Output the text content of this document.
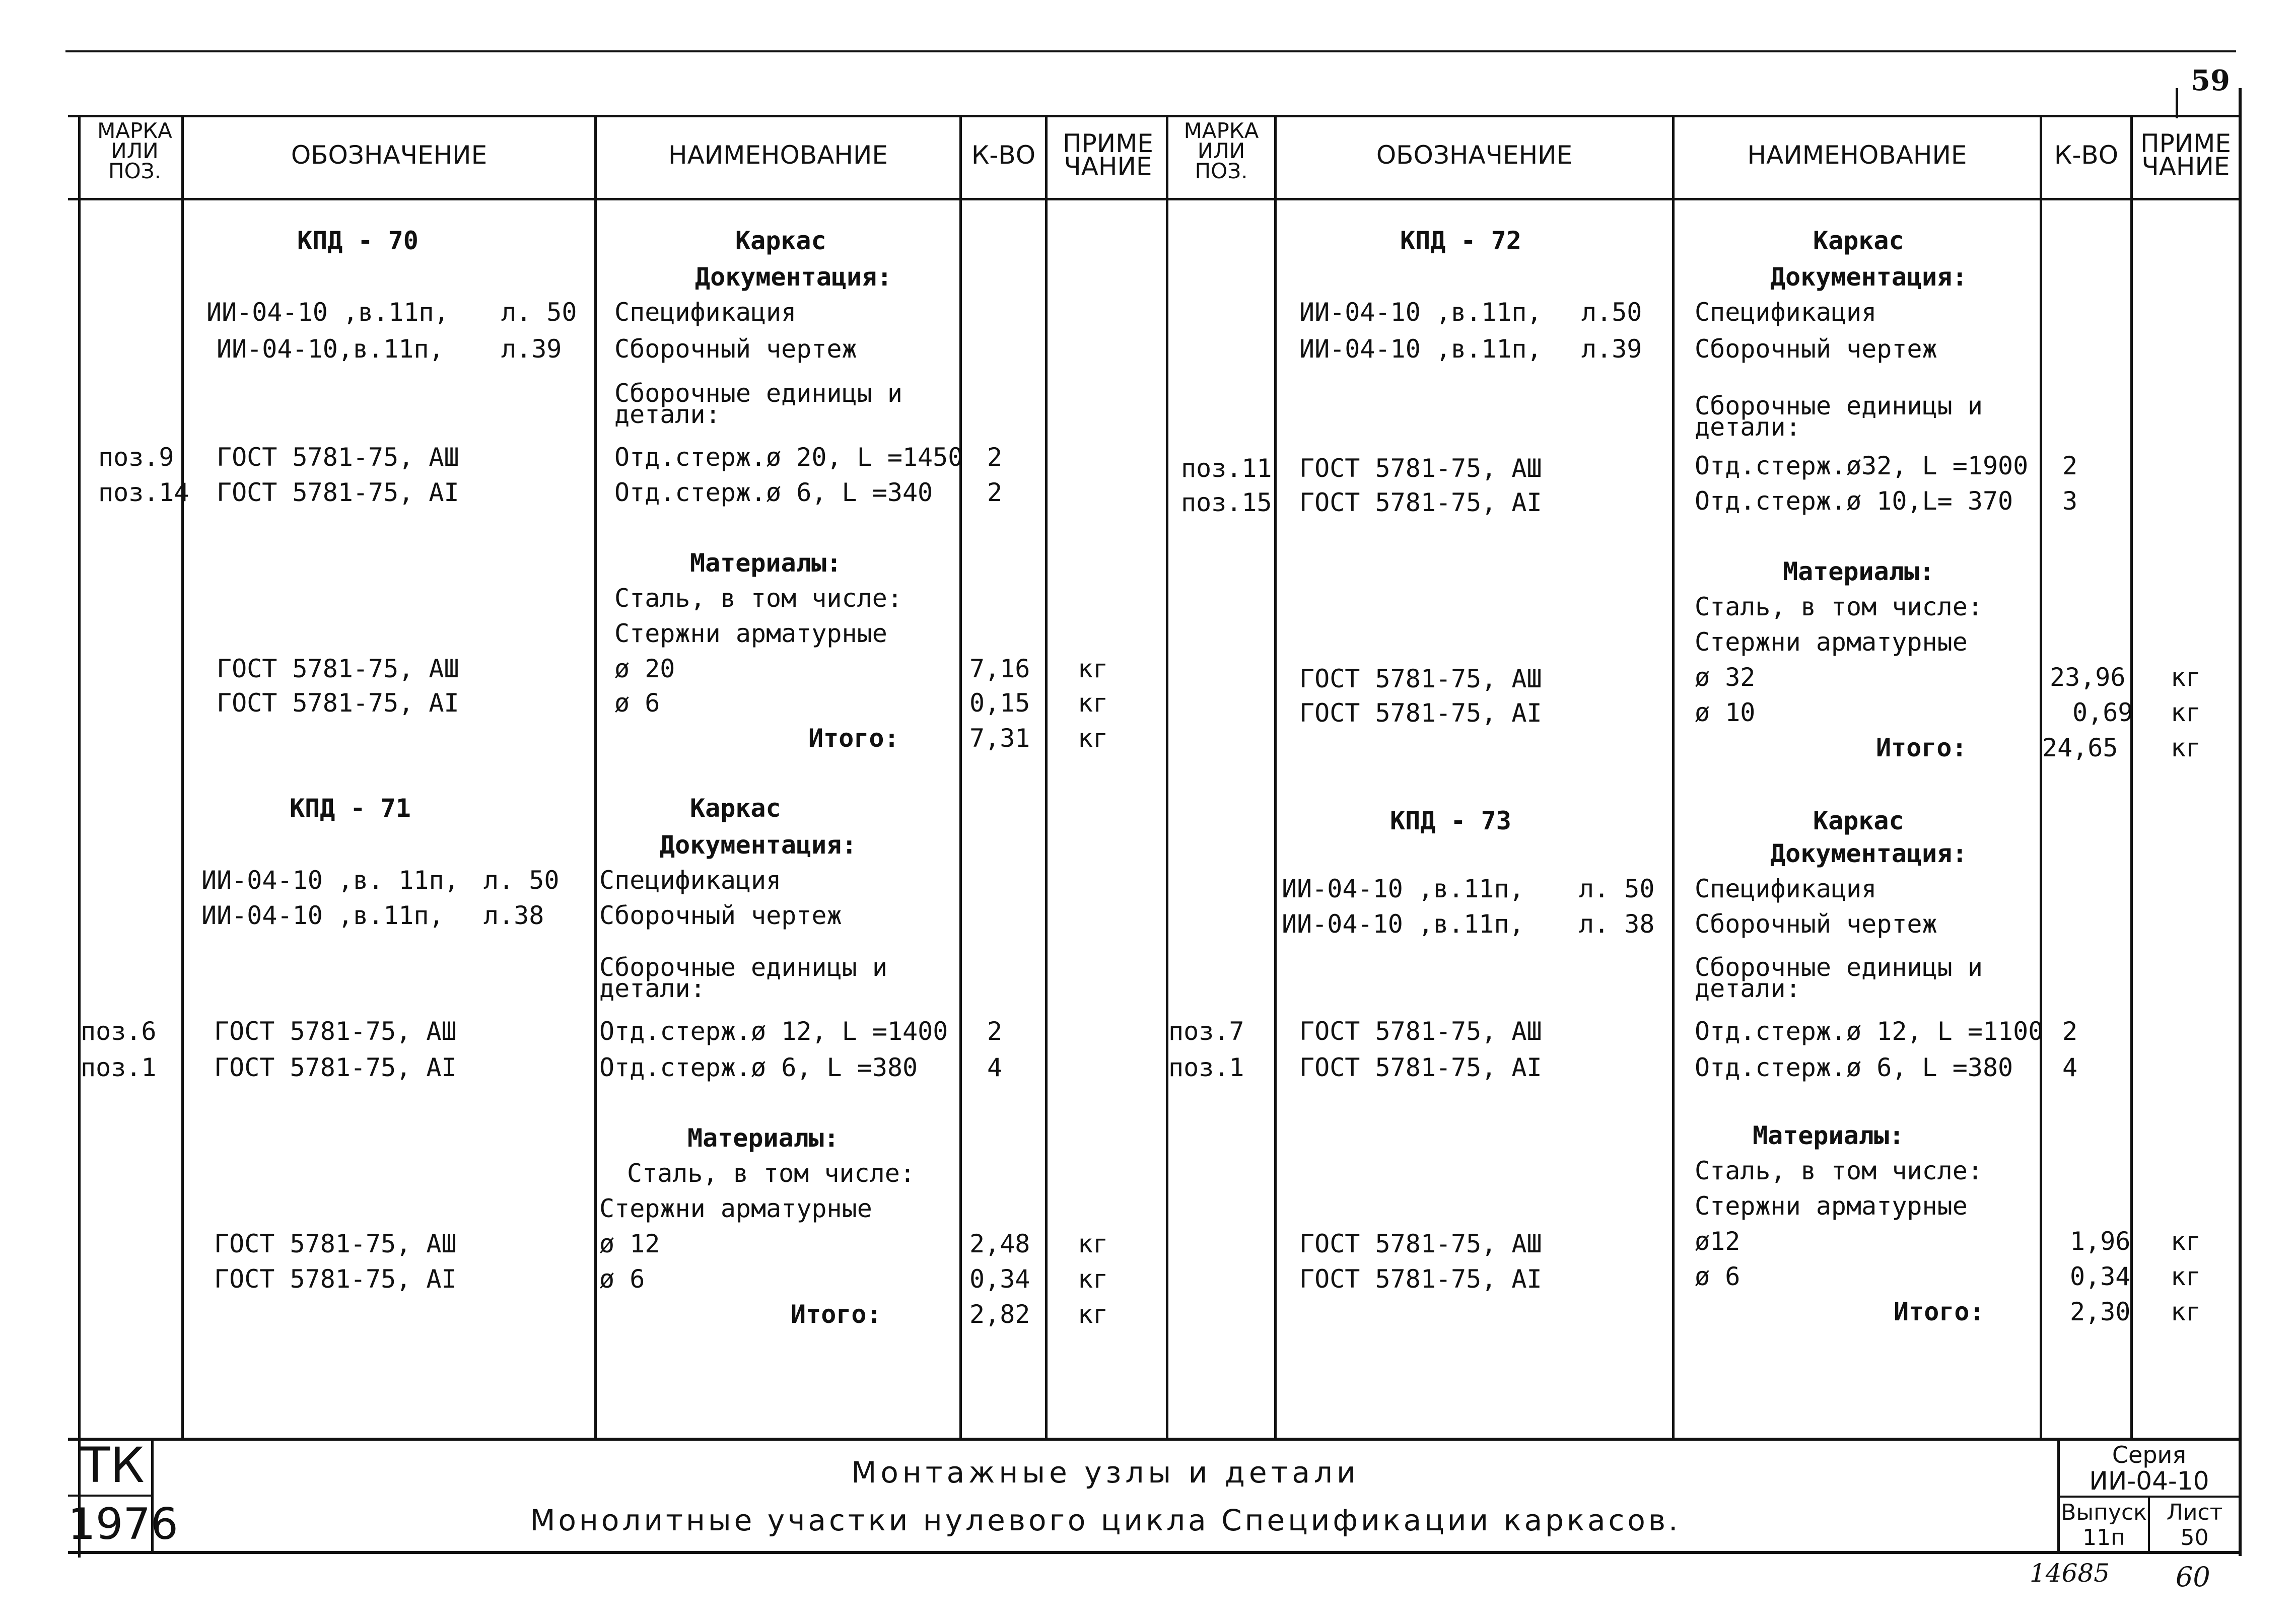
59
МАРКА ИЛИ ПОЗ.
ОБОЗНАЧЕНИЕ	НАИМЕНОВАНИЕ	К-ВО	ПРИМЕ ЧАНИЕ
МАРКА ИЛИ ПОЗ.
ОБОЗНАЧЕНИЕ	НАИМЕНОВАНИЕ	К-ВО ПРИМЕ ЧАНИЕ
КПД - 70	Каркас
Документация:
ИИ-04-10 ,в.11п, л. 50 Спецификация
ИИ-04-10,в.11п, л.39 Сборочный чертеж
Сборочные единицы и детали:
поз.9 ГОСТ 5781-75, АШ	Отд.стерж.ø 20, L =1450 2
поз.14 ГОСТ 5781-75, АI	Отд.стерж.ø 6, L =340 2
Материалы:
Сталь, в том числе:
Стержни арматурные
ГОСТ 5781-75, АШ	ø 20	7,16 кг
ГОСТ 5781-75, АI	ø 6	0,15 кг
Итого:	7,31 кг
КПД - 71	Каркас
Документация:
ИИ-04-10 ,в. 11п, л. 50 Спецификация
ИИ-04-10 ,в.11п, л.38 Сборочный чертеж
Сборочные единицы и детали:
поз.6 ГОСТ 5781-75, АШ	Отд.стерж.ø 12, L =1400 2
поз.1 ГОСТ 5781-75, АI	Отд.стерж.ø 6, L =380	4
Материалы:
Сталь, в том числе:
Стержни арматурные
ГОСТ 5781-75, АШ	ø 12	2,48 кг
ГОСТ 5781-75, АI	ø 6	0,34 кг
Итого:	2,82 кг
КПД - 72	Каркас
Документация:
ИИ-04-10 ,в.11п, л.50 Спецификация
ИИ-04-10 ,в.11п, л.39 Сборочный чертеж
Сборочные единицы и детали:
поз.11 ГОСТ 5781-75, АШ	Отд.стерж.ø32, L =1900 2
поз.15 ГОСТ 5781-75, АI	Отд.стерж.ø 10,L= 370 3
Материалы:
Сталь, в том числе:
Стержни арматурные
ГОСТ 5781-75, АШ	ø 32	23,96 кг
ГОСТ 5781-75, АI	ø 10	0,69 кг
Итого:	24,65 кг
КПД - 73	Каркас
Документация:
ИИ-04-10 ,в.11п, л. 50 Спецификация
ИИ-04-10 ,в.11п, л. 38 Сборочный чертеж
Сборочные единицы и детали:
поз.7 ГОСТ 5781-75, АШ	Отд.стерж.ø 12, L =1100 2
поз.1 ГОСТ 5781-75, АI	Отд.стерж.ø 6, L =380 4
Материалы:
Сталь, в том числе:
Стержни арматурные
ГОСТ 5781-75, АШ	ø12	1,96 кг
ГОСТ 5781-75, АI	ø 6	0,34 кг
Итого:	2,30 кг
ТК
1976
Монтажные узлы и детали
Монолитные участки нулевого цикла Спецификации каркасов.
Серия
ИИ-04-10
Выпуск
11п
Лист
50
14685 60
